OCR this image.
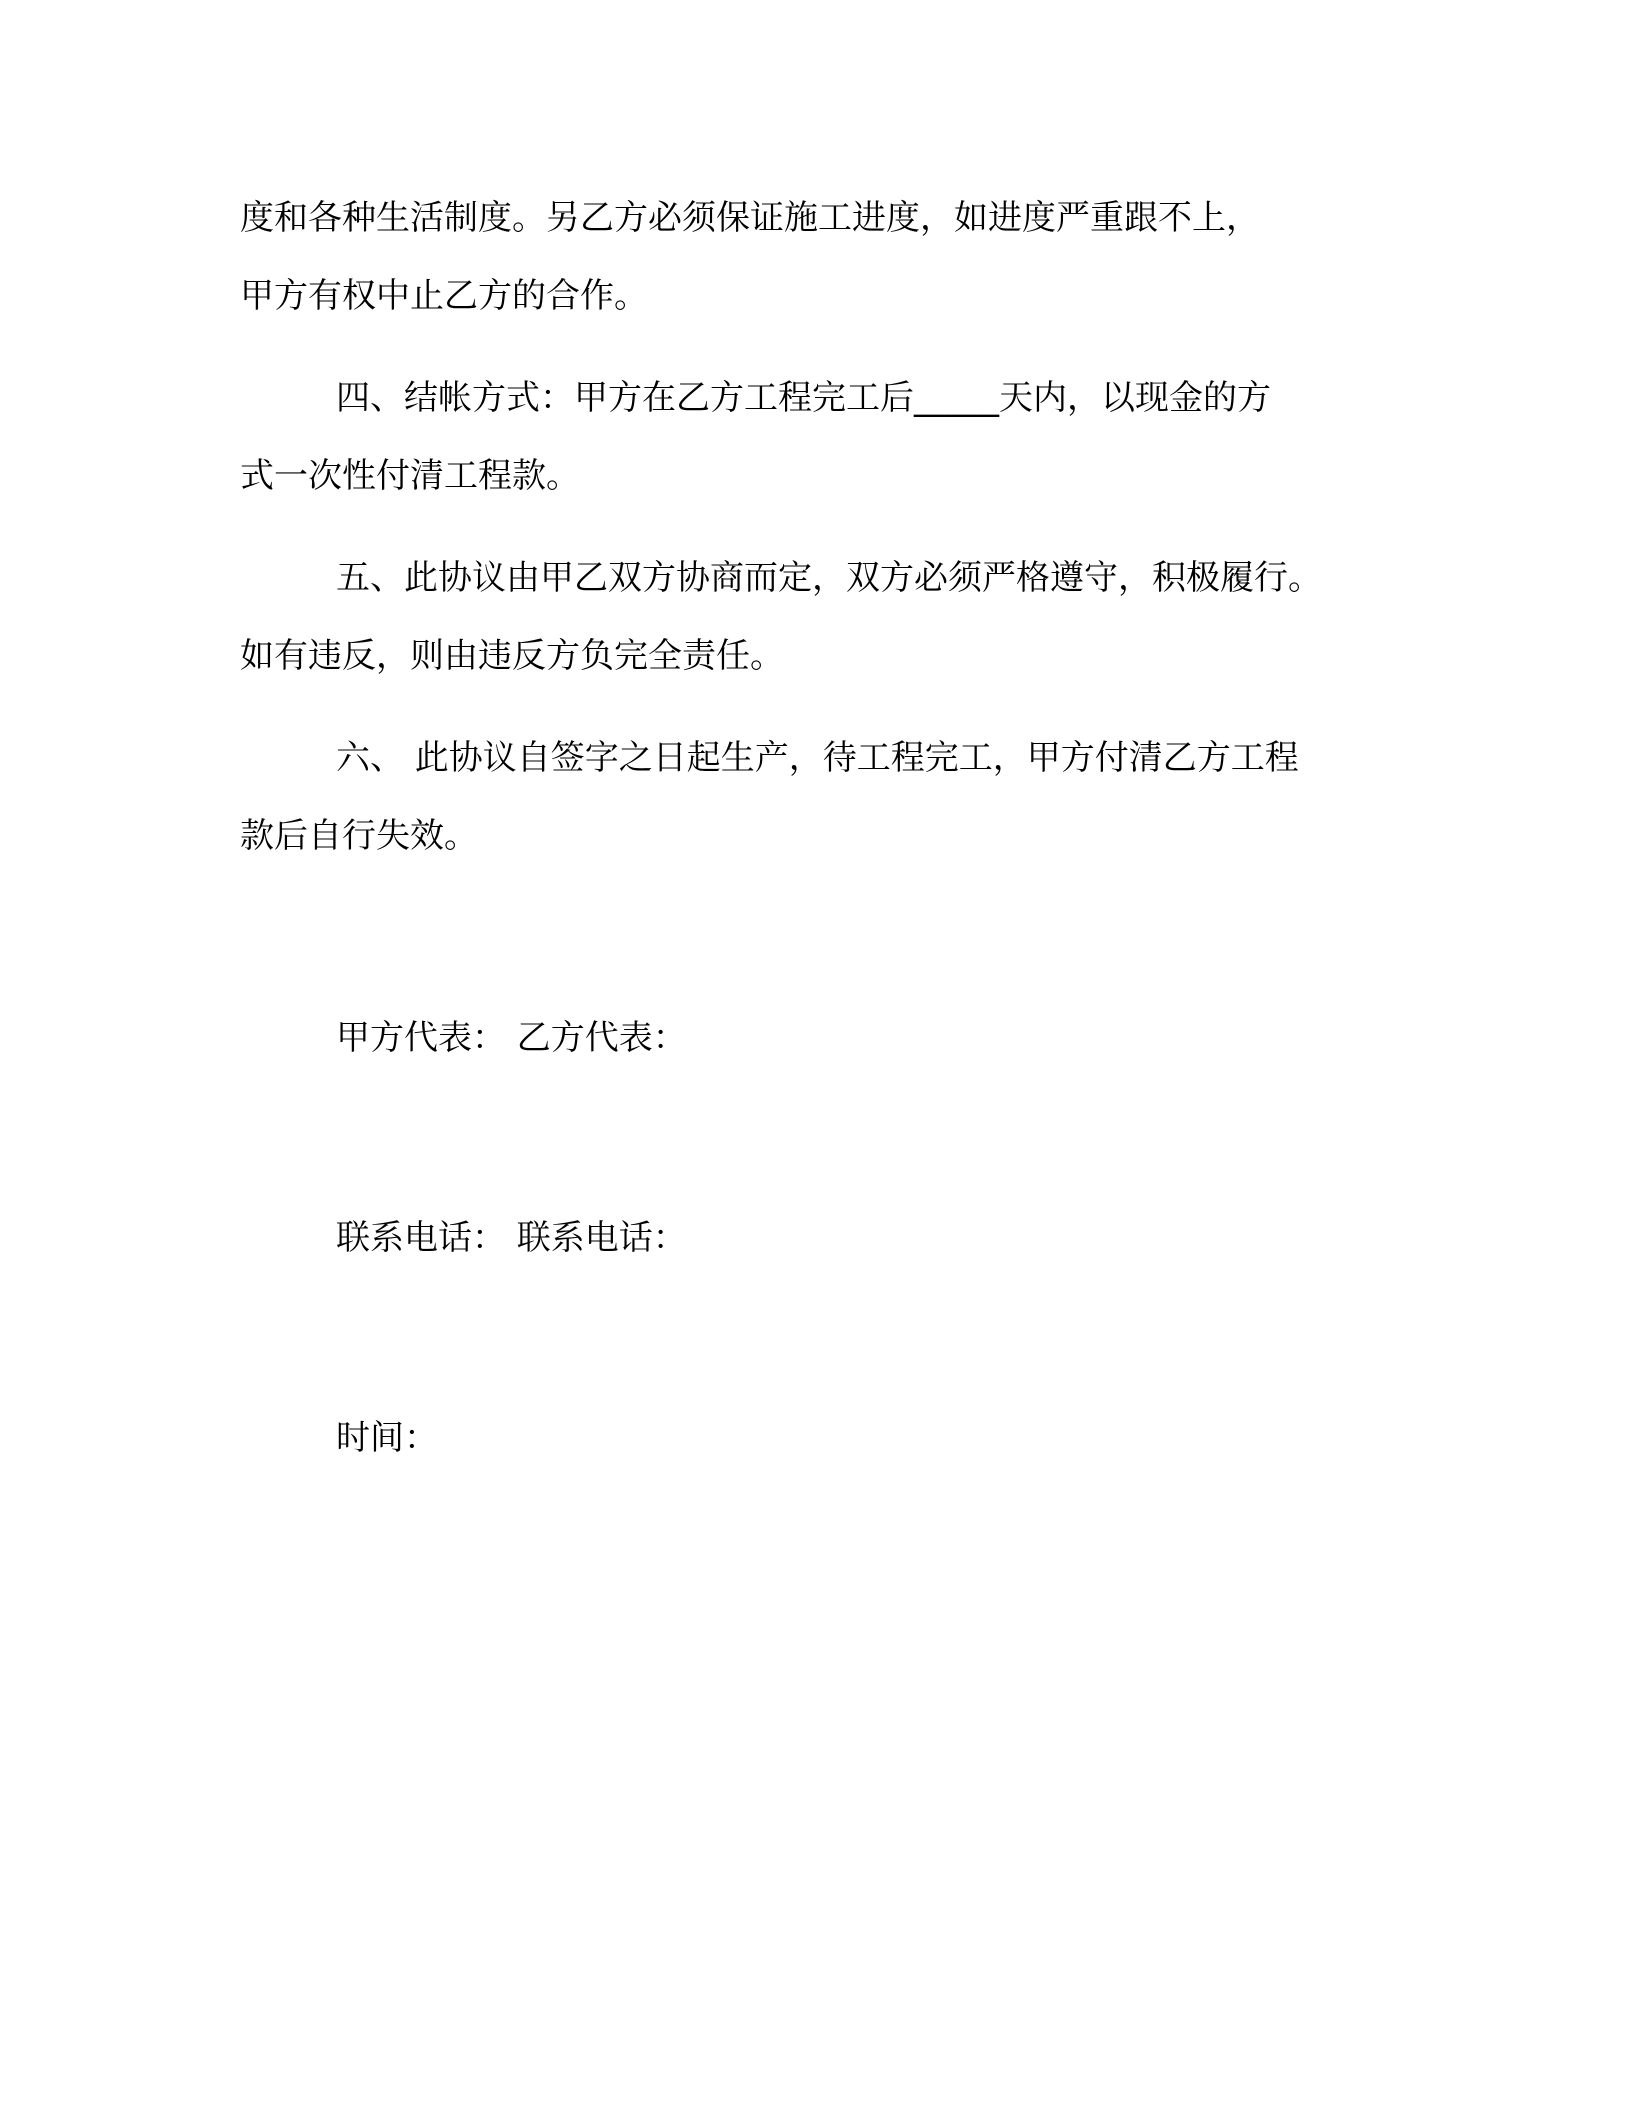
度和各种生活制度。另乙方必须保证施工进度，如进度严重跟不上，
甲方有权中止乙方的合作。
四、结帐方式：甲方在乙方工程完工后_____天内，以现金的方
式一次性付清工程款。
五、此协议由甲乙双方协商而定，双方必须严格遵守，积极履行。
如有违反，则由违反方负完全责任。
六、 此协议自签字之日起生产，待工程完工，甲方付清乙方工程
款后自行失效。
甲方代表： 乙方代表：
联系电话： 联系电话：
时间：
